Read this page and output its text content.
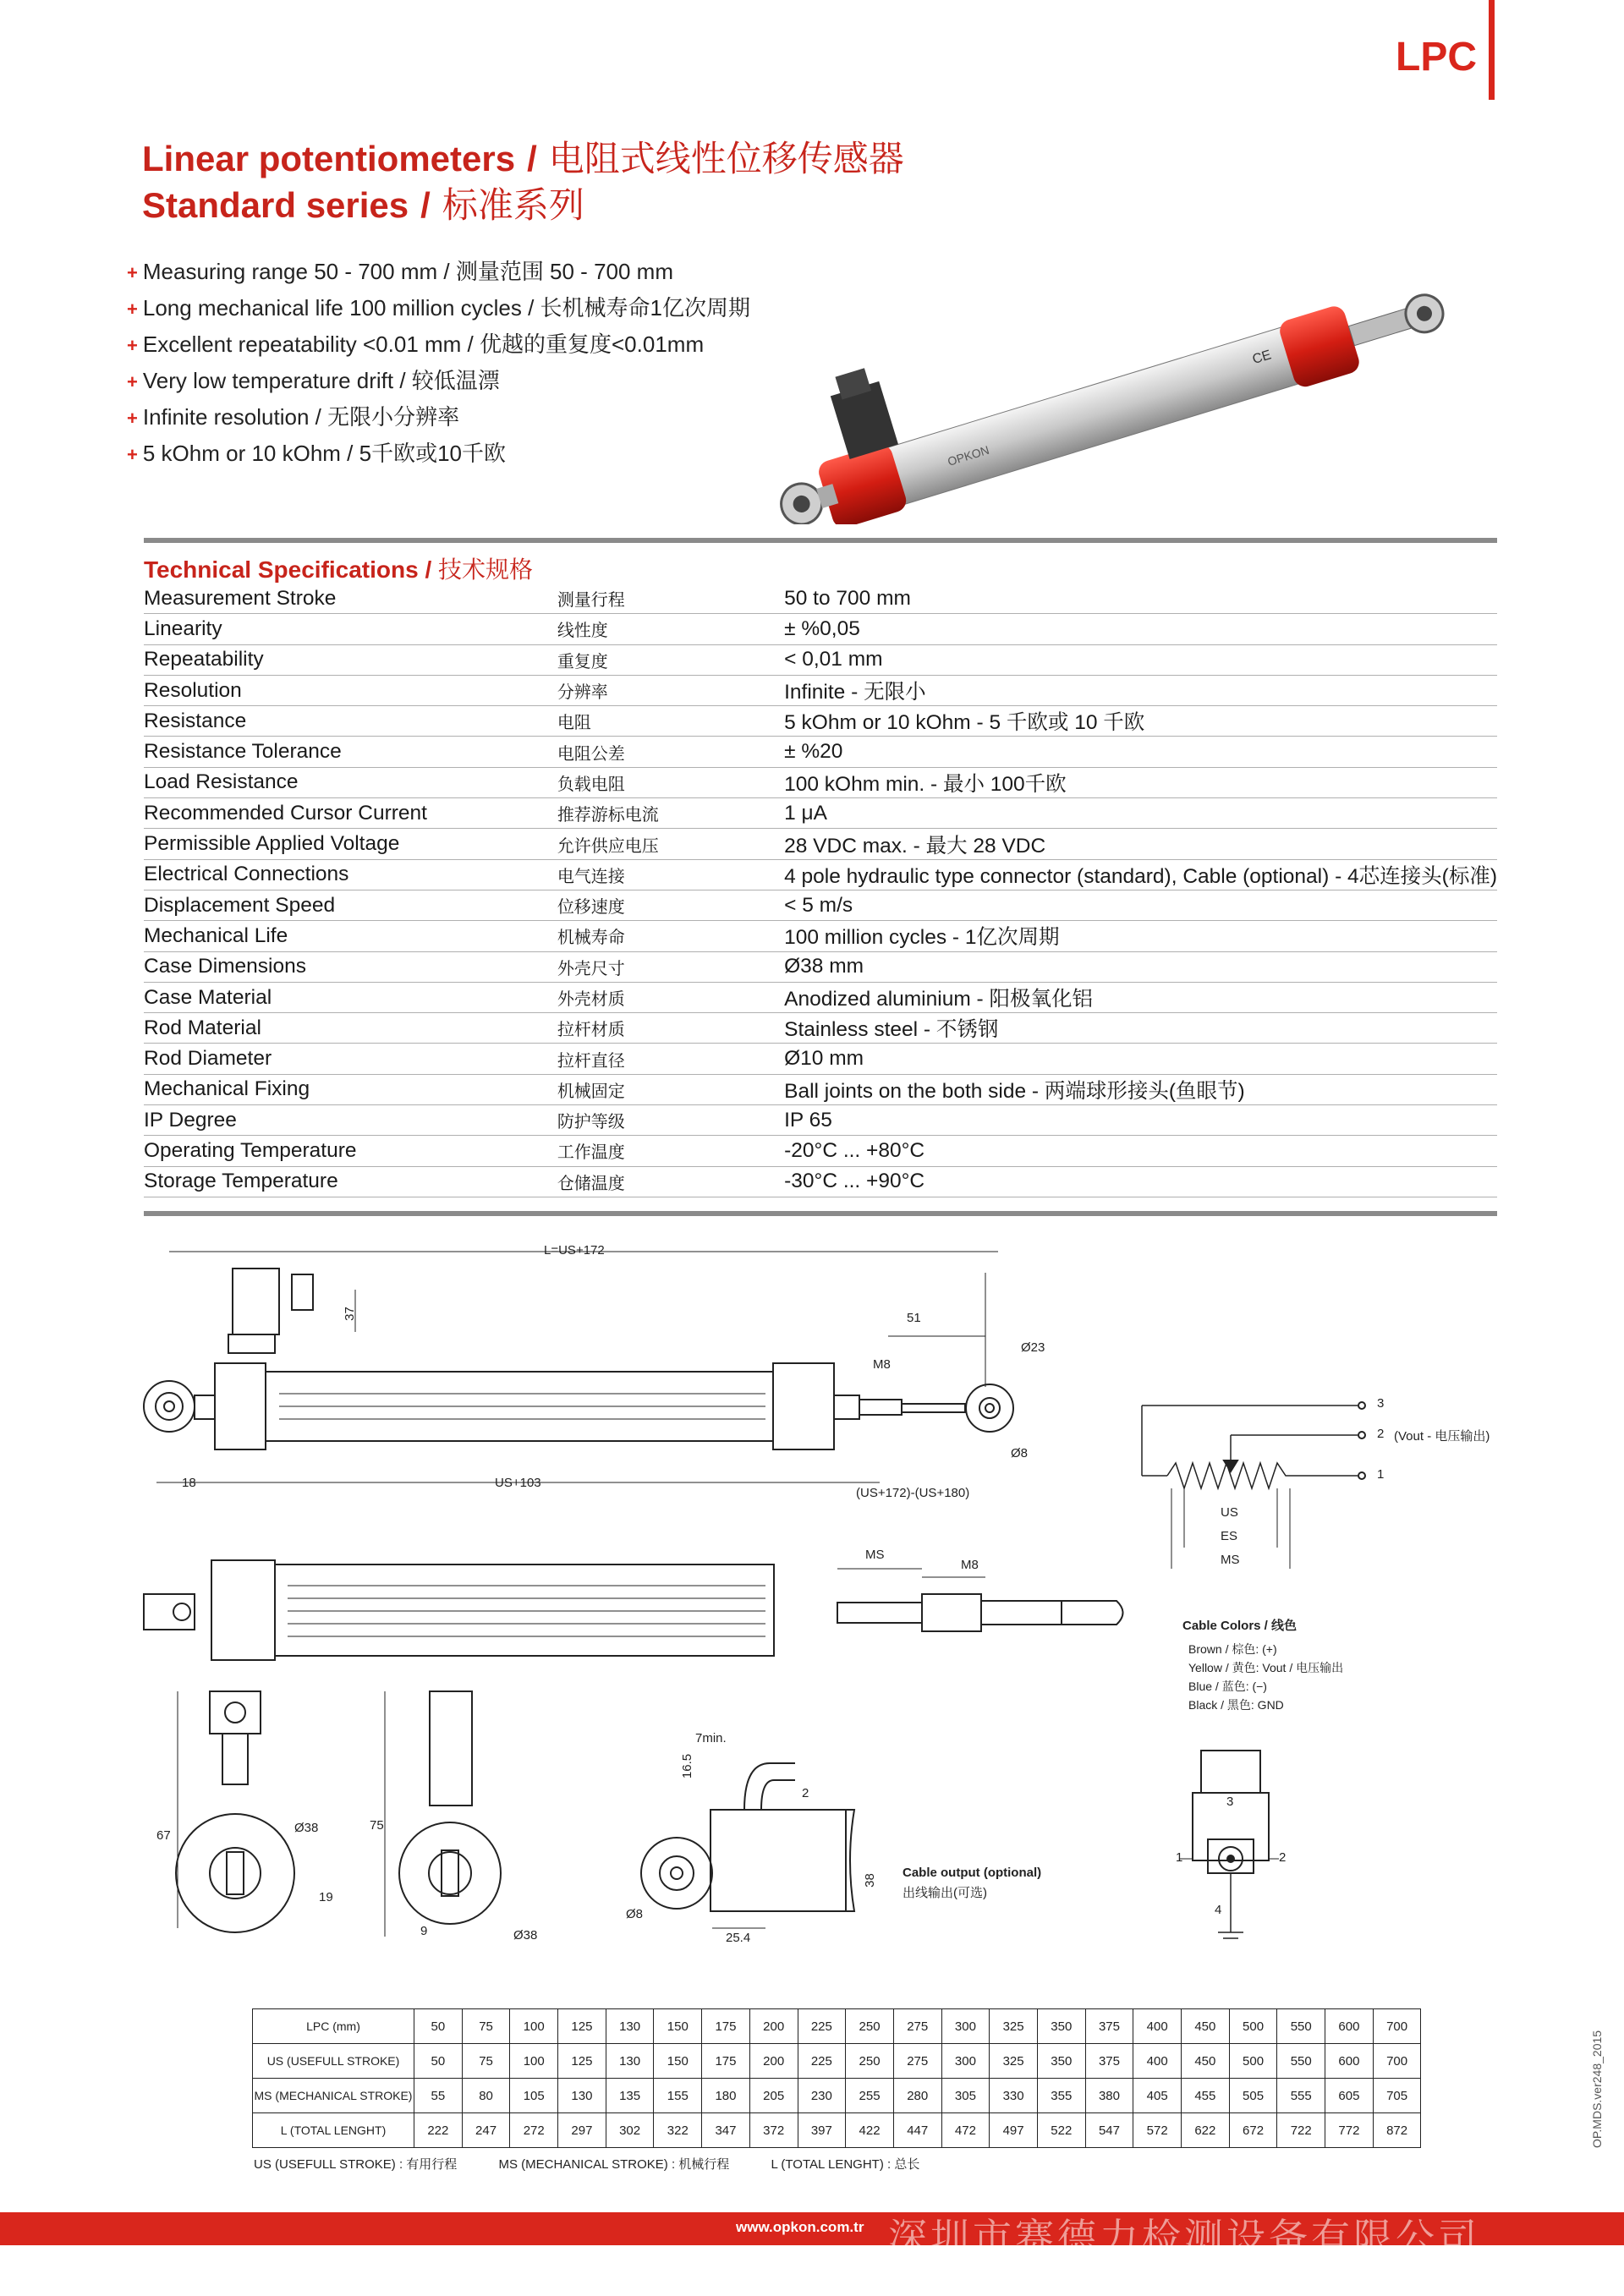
LPC
Linear potentiometers / 电阻式线性位移传感器
Standard series / 标准系列
+ Measuring range 50 - 700 mm / 测量范围 50 - 700 mm
+ Long mechanical life 100 million cycles / 长机械寿命1亿次周期
+ Excellent repeatability <0.01 mm / 优越的重复度<0.01mm
+ Very low temperature drift / 较低温漂
+ Infinite resolution / 无限小分辨率
+ 5 kOhm or 10 kOhm / 5千欧或10千欧	OPKON
CE
Technical Specifications / 技术规格
Measurement Stroke	测量行程	50 to 700 mm
Linearity	线性度	± %0,05
Repeatability	重复度	< 0,01 mm
Resolution	分辨率	Infinite - 无限小
Resistance	电阻	5 kOhm or 10 kOhm - 5 千欧或 10 千欧
Resistance Tolerance	电阻公差	± %20
Load Resistance	负载电阻	100 kOhm min. - 最小 100千欧
Recommended Cursor Current	推荐游标电流	1 μA
Permissible Applied Voltage	允许供应电压	28 VDC max. - 最大 28 VDC
Electrical Connections	电气连接	4 pole hydraulic type connector (standard), Cable (optional) - 4芯连接头(标准)
Displacement Speed	位移速度	< 5 m/s
Mechanical Life	机械寿命	100 million cycles - 1亿次周期
Case Dimensions	外壳尺寸	Ø38 mm
Case Material	外壳材质	Anodized aluminium - 阳极氧化铝
Rod Material	拉杆材质	Stainless steel - 不锈钢
Rod Diameter	拉杆直径	Ø10 mm
Mechanical Fixing	机械固定	Ball joints on the both side - 两端球形接头(鱼眼节)
IP Degree	防护等级	IP 65
Operating Temperature	工作温度	-20°C ... +80°C
Storage Temperature	仓储温度	-30°C ... +90°C
L=US+172
37	51
M8
Ø23
Ø8
18	US+103
(US+172)-(US+180)
MS
M8
67
Ø38
19
75
9	Ø38
7min.
16.5
2
38
Ø8
25.4
Cable output (optional)
出线输出(可选)
3
2 (Vout - 电压输出)
1
US
ES
MS
Cable Colors / 线色
Brown / 棕色: (+)
Yellow / 黄色: Vout / 电压输出
Blue / 蓝色: (−)
Black / 黑色: GND
1	2
3
4
LPC (mm)	50	75	100	125	130	150	175	200	225	250	275	300	325	350	375	400	450	500	550	600	700
US (USEFULL STROKE)	50	75	100	125	130	150	175	200	225	250	275	300	325	350	375	400	450	500	550	600	700
MS (MECHANICAL STROKE)	55	80	105	130	135	155	180	205	230	255	280	305	330	355	380	405	455	505	555	605	705
L (TOTAL LENGHT)	222	247	272	297	302	322	347	372	397	422	447	472	497	522	547	572	622	672	722	772	872
US (USEFULL STROKE) : 有用行程	MS (MECHANICAL STROKE) : 机械行程	L (TOTAL LENGHT) : 总长
OP.MDS.ver248_2015
www.opkon.com.tr 深圳市赛德力检测设备有限公司
